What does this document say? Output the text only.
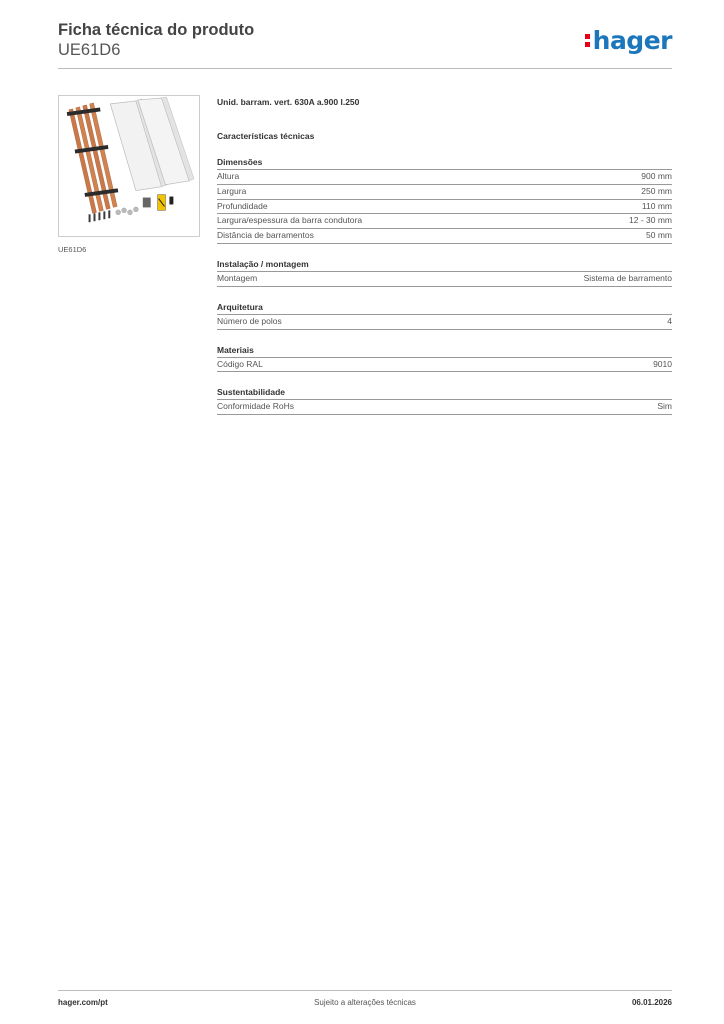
Ficha técnica do produto
UE61D6	hager
UE61D6
Unid. barram. vert. 630A a.900 l.250
Características técnicas
Dimensões
Altura	900 mm
Largura	250 mm
Profundidade	110 mm
Largura/espessura da barra condutora	12 - 30 mm
Distância de barramentos	50 mm
Instalação / montagem
Montagem	Sistema de barramento
Arquitetura
Número de polos	4
Materiais
Código RAL	9010
Sustentabilidade
Conformidade RoHs	Sim
hager.com/pt	Sujeito a alterações técnicas	06.01.2026
